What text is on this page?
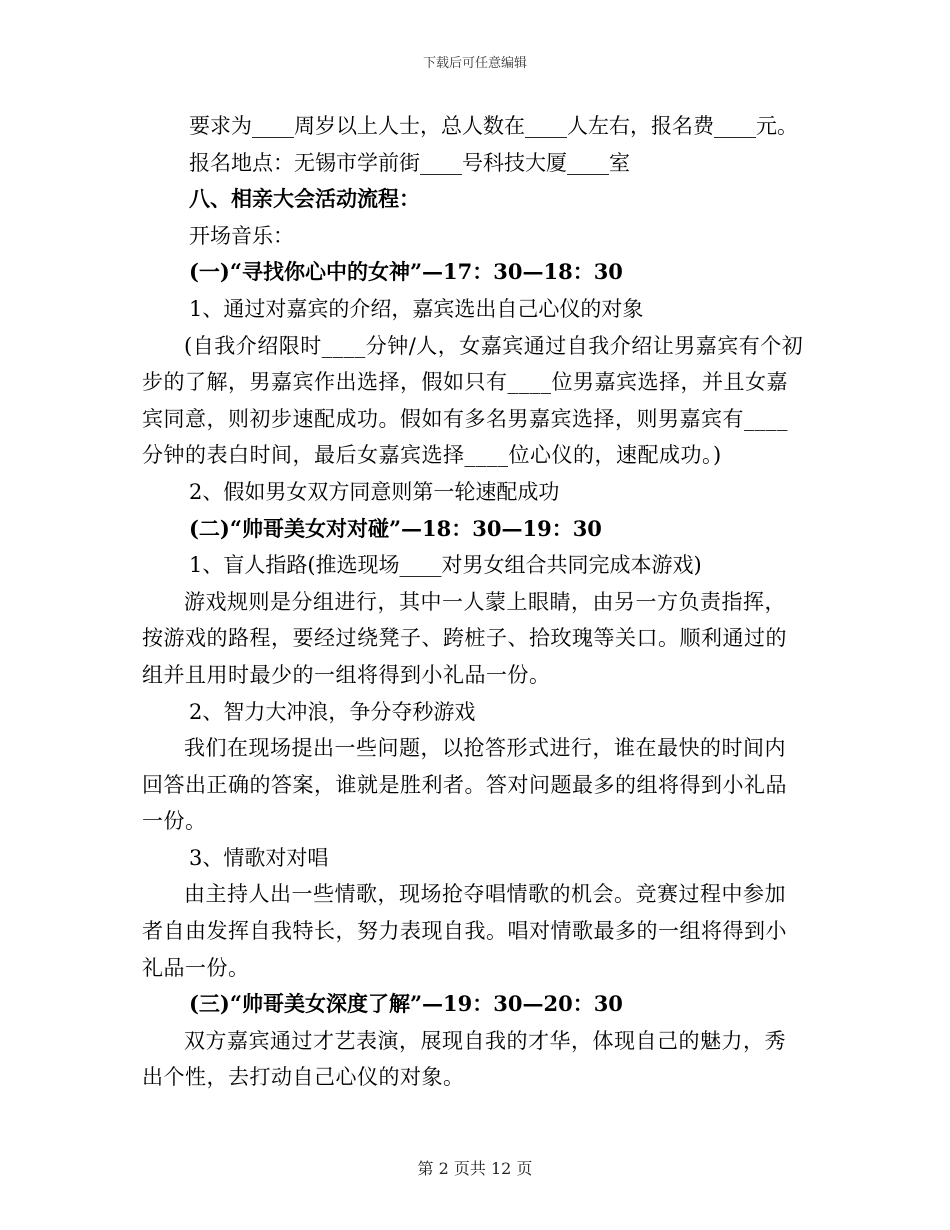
下载后可任意编辑

要求为____周岁以上人士，总人数在____人左右，报名费____元。

报名地点：无锡市学前街____号科技大厦____室

八、相亲大会活动流程：

开场音乐：

(一)“寻找你心中的女神”—17：30—18：30

1、通过对嘉宾的介绍，嘉宾选出自己心仪的对象

(自我介绍限时____分钟/人，女嘉宾通过自我介绍让男嘉宾有个初步的了解，男嘉宾作出选择，假如只有____位男嘉宾选择，并且女嘉宾同意，则初步速配成功。假如有多名男嘉宾选择，则男嘉宾有____分钟的表白时间，最后女嘉宾选择____位心仪的，速配成功。)

2、假如男女双方同意则第一轮速配成功

(二)“帅哥美女对对碰”—18：30—19：30

1、盲人指路(推选现场____对男女组合共同完成本游戏)

游戏规则是分组进行，其中一人蒙上眼睛，由另一方负责指挥，按游戏的路程，要经过绕凳子、跨桩子、拾玫瑰等关口。顺利通过的组并且用时最少的一组将得到小礼品一份。

2、智力大冲浪，争分夺秒游戏

我们在现场提出一些问题，以抢答形式进行，谁在最快的时间内回答出正确的答案，谁就是胜利者。答对问题最多的组将得到小礼品一份。

3、情歌对对唱

由主持人出一些情歌，现场抢夺唱情歌的机会。竞赛过程中参加者自由发挥自我特长，努力表现自我。唱对情歌最多的一组将得到小礼品一份。

(三)“帅哥美女深度了解”—19：30—20：30

双方嘉宾通过才艺表演，展现自我的才华，体现自己的魅力，秀出个性，去打动自己心仪的对象。

第 2 页共 12 页
